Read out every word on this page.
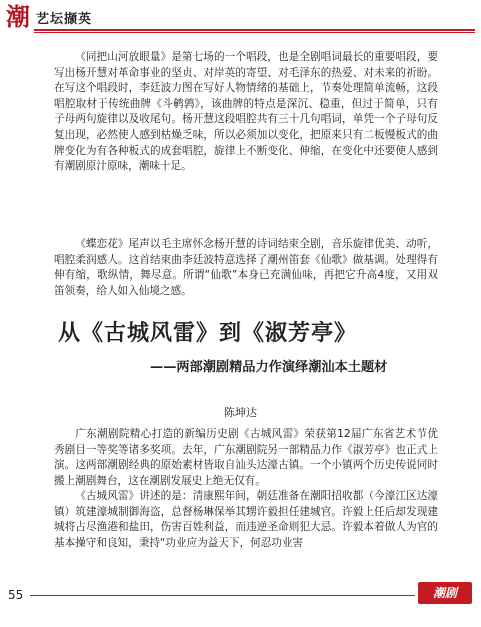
潮 艺坛撷英

《同把山河放眼量》是第七场的一个唱段，也是全剧唱词最长的重要唱段，要写出杨开慧对革命事业的坚贞、对岸英的寄望、对毛泽东的热爱、对未来的祈盼。在写这个唱段时，李廷波力图在写好人物情绪的基础上，节奏处理简单流畅，这段唱腔取材于传统曲牌《斗鹌鹑》，该曲牌的特点是深沉、稳重，但过于简单，只有子母两句旋律以及收尾句。杨开慧这段唱腔共有三十几句唱词，单凭一个子母句反复出现，必然使人感到枯燥乏味，所以必须加以变化，把原来只有二板慢板式的曲牌变化为有各种板式的成套唱腔，旋律上不断变化、伸缩，在变化中还要使人感到有潮剧原汁原味，潮味十足。

《蝶恋花》尾声以毛主席怀念杨开慧的诗词结束全剧，音乐旋律优美、动听，唱腔柔润感人。这首结束曲李廷波特意选择了潮州笛套《仙歌》做基调。处理得有伸有缩，歌纵情，舞尽意。所谓“仙歌”本身已充满仙味，再把它升高4度，又用双笛领奏，给人如入仙境之感。

从《古城风雷》到《淑芳亭》
——两部潮剧精品力作演绎潮汕本土题材
陈坤达

广东潮剧院精心打造的新编历史剧《古城风雷》荣获第12届广东省艺术节优秀剧目一等奖等诸多奖项。去年，广东潮剧院另一部精品力作《淑芳亭》也正式上演。这两部潮剧经典的原始素材皆取自汕头达濠古镇。一个小镇两个历史传说同时搬上潮剧舞台，这在潮剧发展史上绝无仅有。

《古城风雷》讲述的是：清康熙年间，朝廷准备在潮阳招收都（今濠江区达濠镇）筑建濠城制御海盗，总督杨琳保举其甥许毅担任建城官。许毅上任后却发现建城将占尽渔港和盐田，伤害百姓利益，而违逆圣命则犯大忌。许毅本着做人为官的基本操守和良知，秉持“功业应为益天下，何忍功业害

55	潮剧
